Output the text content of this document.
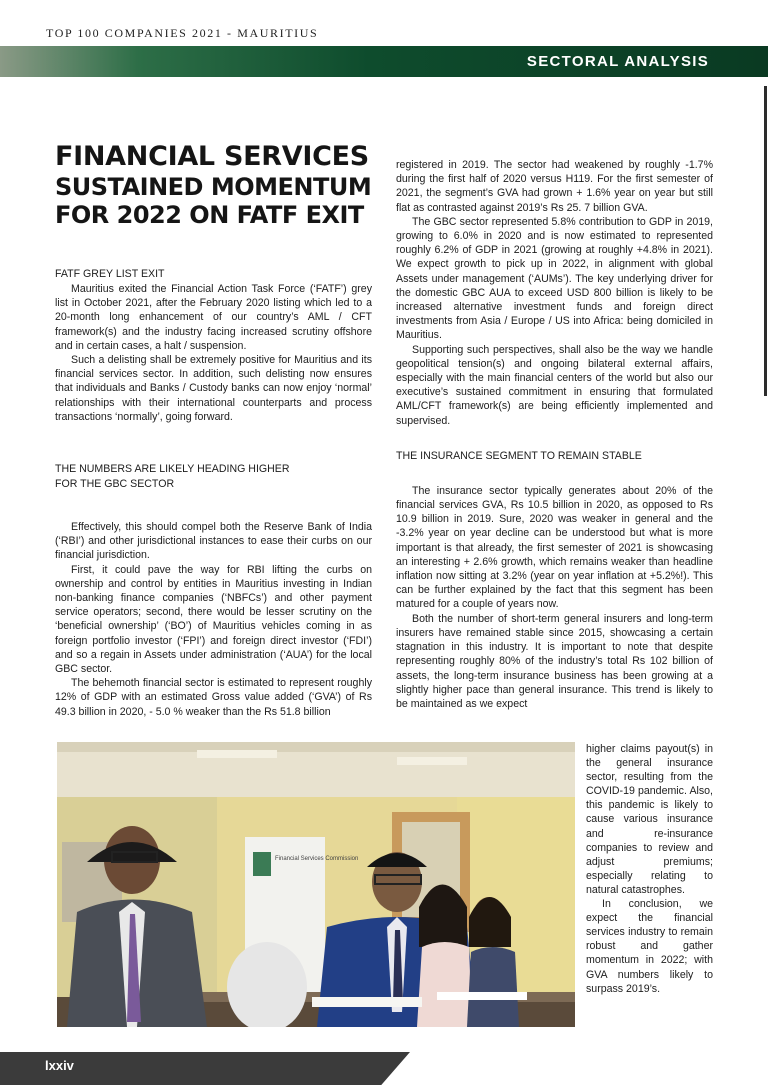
TOP 100 COMPANIES 2021 - MAURITIUS
SECTORAL ANALYSIS
FINANCIAL SERVICES
SUSTAINED MOMENTUM
FOR 2022 ON FATF EXIT
FATF GREY LIST EXIT

Mauritius exited the Financial Action Task Force (‘FATF’) grey list in October 2021, after the February 2020 listing which led to a 20-month long enhancement of our country’s AML / CFT framework(s) and the industry facing increased scrutiny offshore and in certain cases, a halt / suspension.

Such a delisting shall be extremely positive for Mauritius and its financial services sector. In addition, such delisting now ensures that individuals and Banks / Custody banks can now enjoy ‘normal’ relationships with their international counterparts and process transactions ‘normally’, going forward.

THE NUMBERS ARE LIKELY HEADING HIGHER
FOR THE GBC SECTOR

Effectively, this should compel both the Reserve Bank of India (‘RBI’) and other jurisdictional instances to ease their curbs on our financial jurisdiction.

First, it could pave the way for RBI lifting the curbs on ownership and control by entities in Mauritius investing in Indian non-banking finance companies (‘NBFCs’) and other payment service operators; second, there would be lesser scrutiny on the ‘beneficial ownership’ (‘BO’) of Mauritius vehicles coming in as foreign portfolio investor (‘FPI’) and foreign direct investor (‘FDI’) and so a regain in Assets under administration (‘AUA’) for the local GBC sector.

The behemoth financial sector is estimated to represent roughly 12% of GDP with an estimated Gross value added (‘GVA’) of Rs 49.3 billion in 2020, - 5.0 % weaker than the Rs 51.8 billion

registered in 2019. The sector had weakened by roughly -1.7% during the first half of 2020 versus H119. For the first semester of 2021, the segment’s GVA had grown + 1.6% year on year but still flat as contrasted against 2019’s Rs 25. 7 billion GVA.

The GBC sector represented 5.8% contribution to GDP in 2019, growing to 6.0% in 2020 and is now estimated to represented roughly 6.2% of GDP in 2021 (growing at roughly +4.8% in 2021). We expect growth to pick up in 2022, in alignment with global Assets under management (‘AUMs’). The key underlying driver for the domestic GBC AUA to exceed USD 800 billion is likely to be increased alternative investment funds and foreign direct investments from Asia / Europe / US into Africa: being domiciled in Mauritius.

Supporting such perspectives, shall also be the way we handle geopolitical tension(s) and ongoing bilateral external affairs, especially with the main financial centers of the world but also our executive’s sustained commitment in ensuring that formulated AML/CFT framework(s) are being efficiently implemented and supervised.

THE INSURANCE SEGMENT TO REMAIN STABLE

The insurance sector typically generates about 20% of the financial services GVA, Rs 10.5 billion in 2020, as opposed to Rs 10.9 billion in 2019. Sure, 2020 was weaker in general and the -3.2% year on year decline can be understood but what is more important is that already, the first semester of 2021 is showcasing an interesting + 2.6% growth, which remains weaker than headline inflation now sitting at 3.2% (year on year inflation at +5.2%!). This can be further explained by the fact that this segment has been matured for a couple of years now.

Both the number of short-term general insurers and long-term insurers have remained stable since 2015, showcasing a certain stagnation in this industry. It is important to note that despite representing roughly 80% of the industry’s total Rs 102 billion of assets, the long-term insurance business has been growing at a slightly higher pace than general insurance. This trend is likely to be maintained as we expect

Financial Services Commission

higher claims payout(s) in the general insurance sector, resulting from the COVID-19 pandemic. Also, this pandemic is likely to cause various insurance and re-insurance companies to review and adjust premiums; especially relating to natural catastrophes.

In conclusion, we expect the financial services industry to remain robust and gather momentum in 2022; with GVA numbers likely to surpass 2019’s.

lxxiv
